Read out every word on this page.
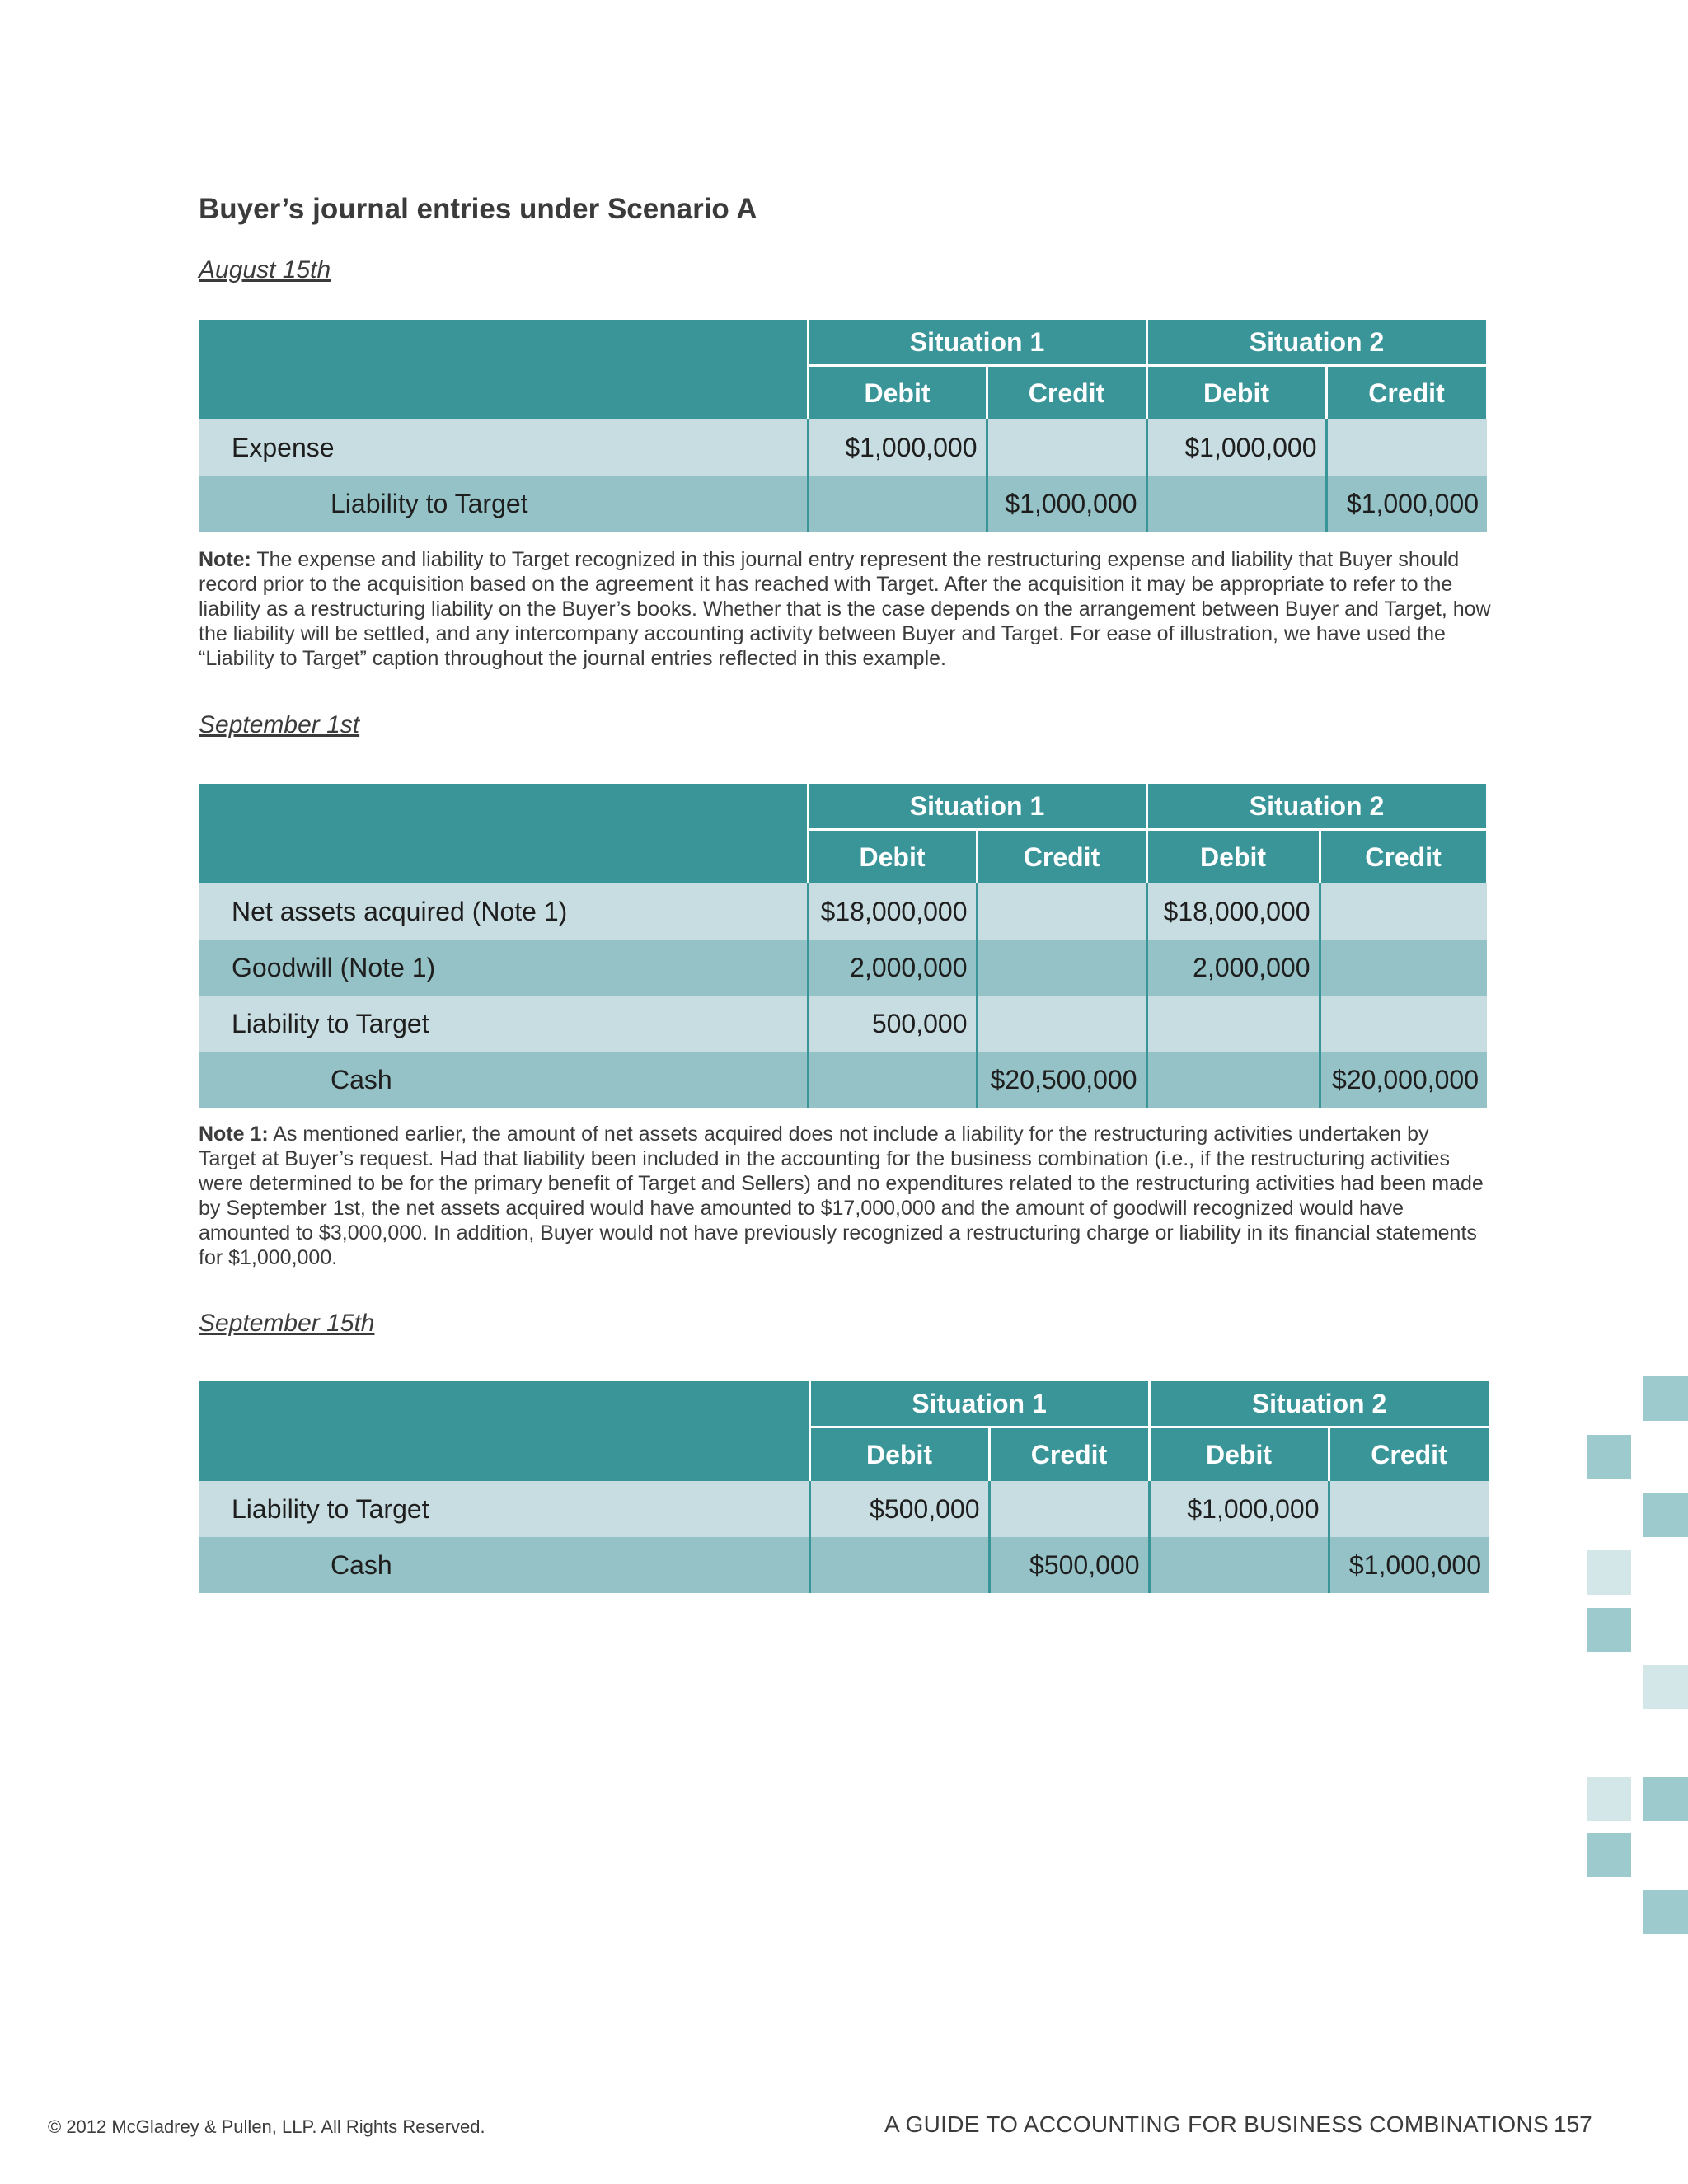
Buyer’s journal entries under Scenario A
August 15th
	Situation 1		Situation 2	
	Debit	Credit	Debit	Credit
Expense	$1,000,000		$1,000,000	
Liability to Target		$1,000,000		$1,000,000
Note: The expense and liability to Target recognized in this journal entry represent the restructuring expense and liability that Buyer should record prior to the acquisition based on the agreement it has reached with Target. After the acquisition it may be appropriate to refer to the liability as a restructuring liability on the Buyer’s books. Whether that is the case depends on the arrangement between Buyer and Target, how the liability will be settled, and any intercompany accounting activity between Buyer and Target. For ease of illustration, we have used the “Liability to Target” caption throughout the journal entries reflected in this example.
September 1st
	Situation 1		Situation 2	
	Debit	Credit	Debit	Credit
Net assets acquired (Note 1)	$18,000,000		$18,000,000	
Goodwill (Note 1)	2,000,000		2,000,000	
Liability to Target	500,000			
Cash		$20,500,000		$20,000,000
Note 1: As mentioned earlier, the amount of net assets acquired does not include a liability for the restructuring activities undertaken by Target at Buyer’s request. Had that liability been included in the accounting for the business combination (i.e., if the restructuring activities were determined to be for the primary benefit of Target and Sellers) and no expenditures related to the restructuring activities had been made by September 1st, the net assets acquired would have amounted to $17,000,000 and the amount of goodwill recognized would have amounted to $3,000,000. In addition, Buyer would not have previously recognized a restructuring charge or liability in its financial statements for $1,000,000.
September 15th
	Situation 1		Situation 2	
	Debit	Credit	Debit	Credit
Liability to Target	$500,000		$1,000,000	
Cash		$500,000		$1,000,000
© 2012 McGladrey & Pullen, LLP. All Rights Reserved.	A GUIDE TO ACCOUNTING FOR BUSINESS COMBINATIONS 157
